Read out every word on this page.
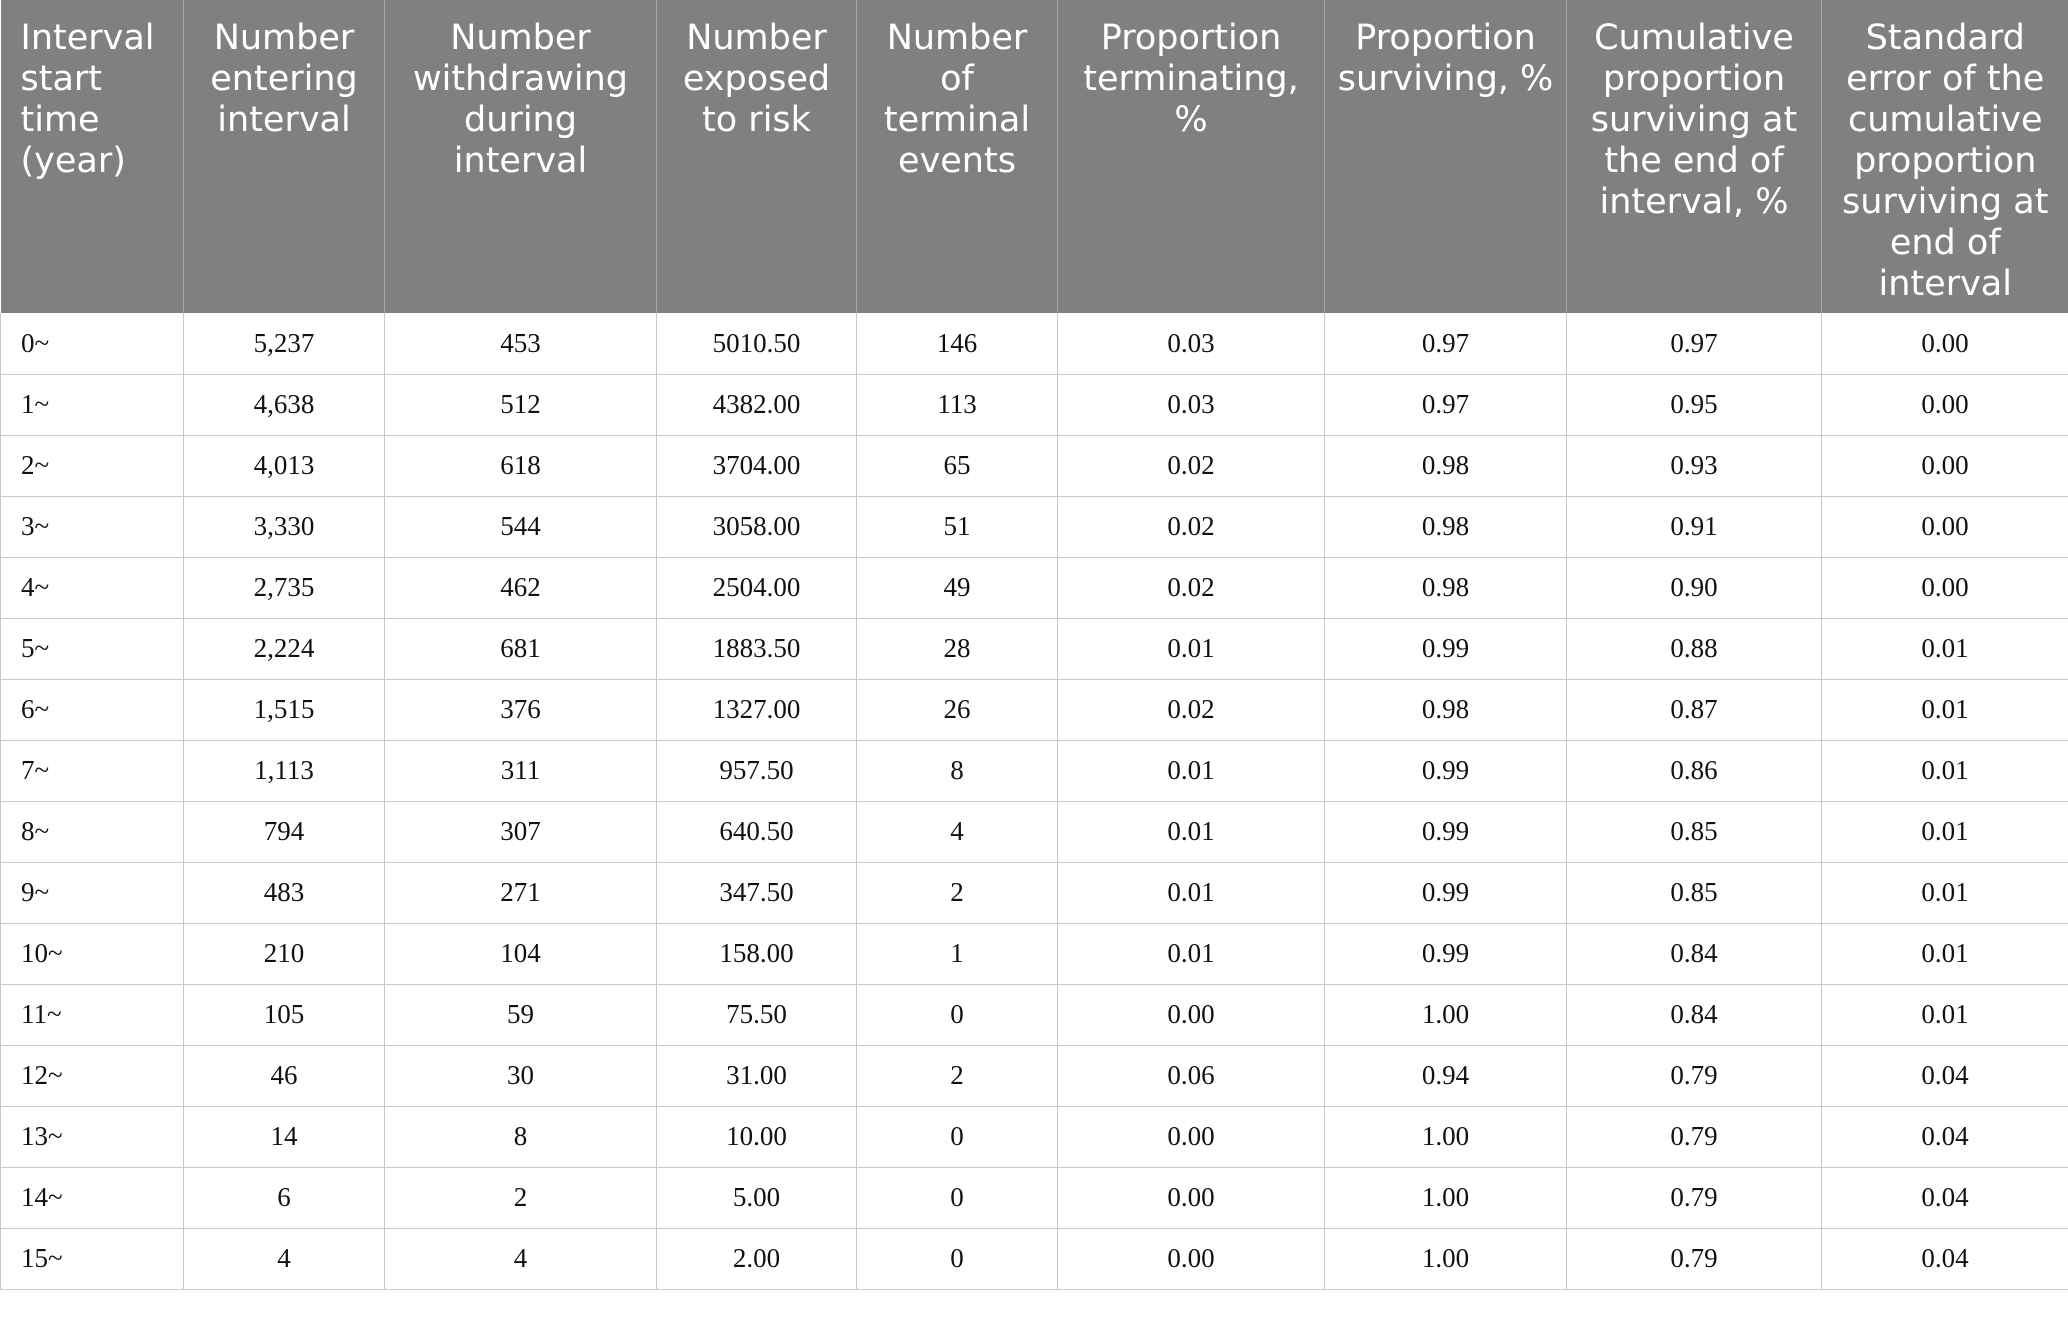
Interval start time (year)	Number entering interval	Number withdrawing during interval	Number exposed to risk	Number of terminal events	Proportion terminating, %	Proportion surviving, %	Cumulative proportion surviving at the end of interval, %	Standard error of the cumulative proportion surviving at end of interval
0~	5,237	453	5010.50	146	0.03	0.97	0.97	0.00
1~	4,638	512	4382.00	113	0.03	0.97	0.95	0.00
2~	4,013	618	3704.00	65	0.02	0.98	0.93	0.00
3~	3,330	544	3058.00	51	0.02	0.98	0.91	0.00
4~	2,735	462	2504.00	49	0.02	0.98	0.90	0.00
5~	2,224	681	1883.50	28	0.01	0.99	0.88	0.01
6~	1,515	376	1327.00	26	0.02	0.98	0.87	0.01
7~	1,113	311	957.50	8	0.01	0.99	0.86	0.01
8~	794	307	640.50	4	0.01	0.99	0.85	0.01
9~	483	271	347.50	2	0.01	0.99	0.85	0.01
10~	210	104	158.00	1	0.01	0.99	0.84	0.01
11~	105	59	75.50	0	0.00	1.00	0.84	0.01
12~	46	30	31.00	2	0.06	0.94	0.79	0.04
13~	14	8	10.00	0	0.00	1.00	0.79	0.04
14~	6	2	5.00	0	0.00	1.00	0.79	0.04
15~	4	4	2.00	0	0.00	1.00	0.79	0.04
